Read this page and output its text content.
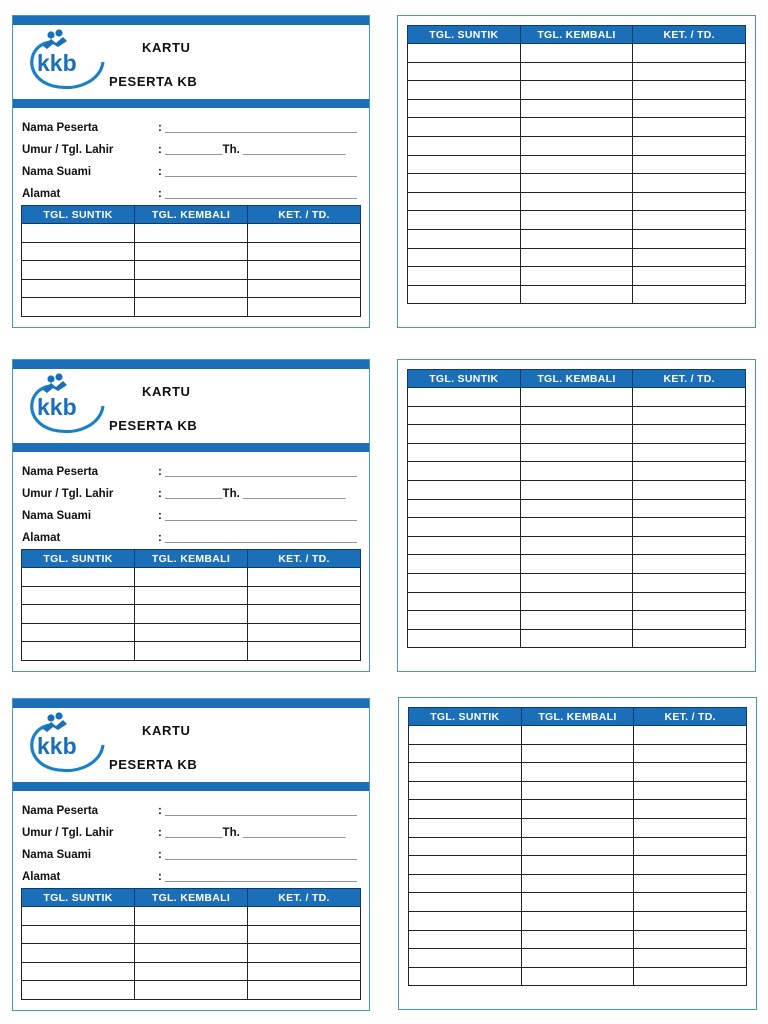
kkb
KARTU
PESERTA KB
Nama Peserta	: ______________________________
Umur / Tgl. Lahir	: _________Th. ________________
Nama Suami	: ______________________________
Alamat	: ______________________________
TGL. SUNTIK	TGL. KEMBALI	KET. / TD.

TGL. SUNTIK	TGL. KEMBALI	KET. / TD.

kkb
KARTU
PESERTA KB
Nama Peserta	: ______________________________
Umur / Tgl. Lahir	: _________Th. ________________
Nama Suami	: ______________________________
Alamat	: ______________________________
TGL. SUNTIK	TGL. KEMBALI	KET. / TD.

TGL. SUNTIK	TGL. KEMBALI	KET. / TD.

kkb
KARTU
PESERTA KB
Nama Peserta	: ______________________________
Umur / Tgl. Lahir	: _________Th. ________________
Nama Suami	: ______________________________
Alamat	: ______________________________
TGL. SUNTIK	TGL. KEMBALI	KET. / TD.

TGL. SUNTIK	TGL. KEMBALI	KET. / TD.
